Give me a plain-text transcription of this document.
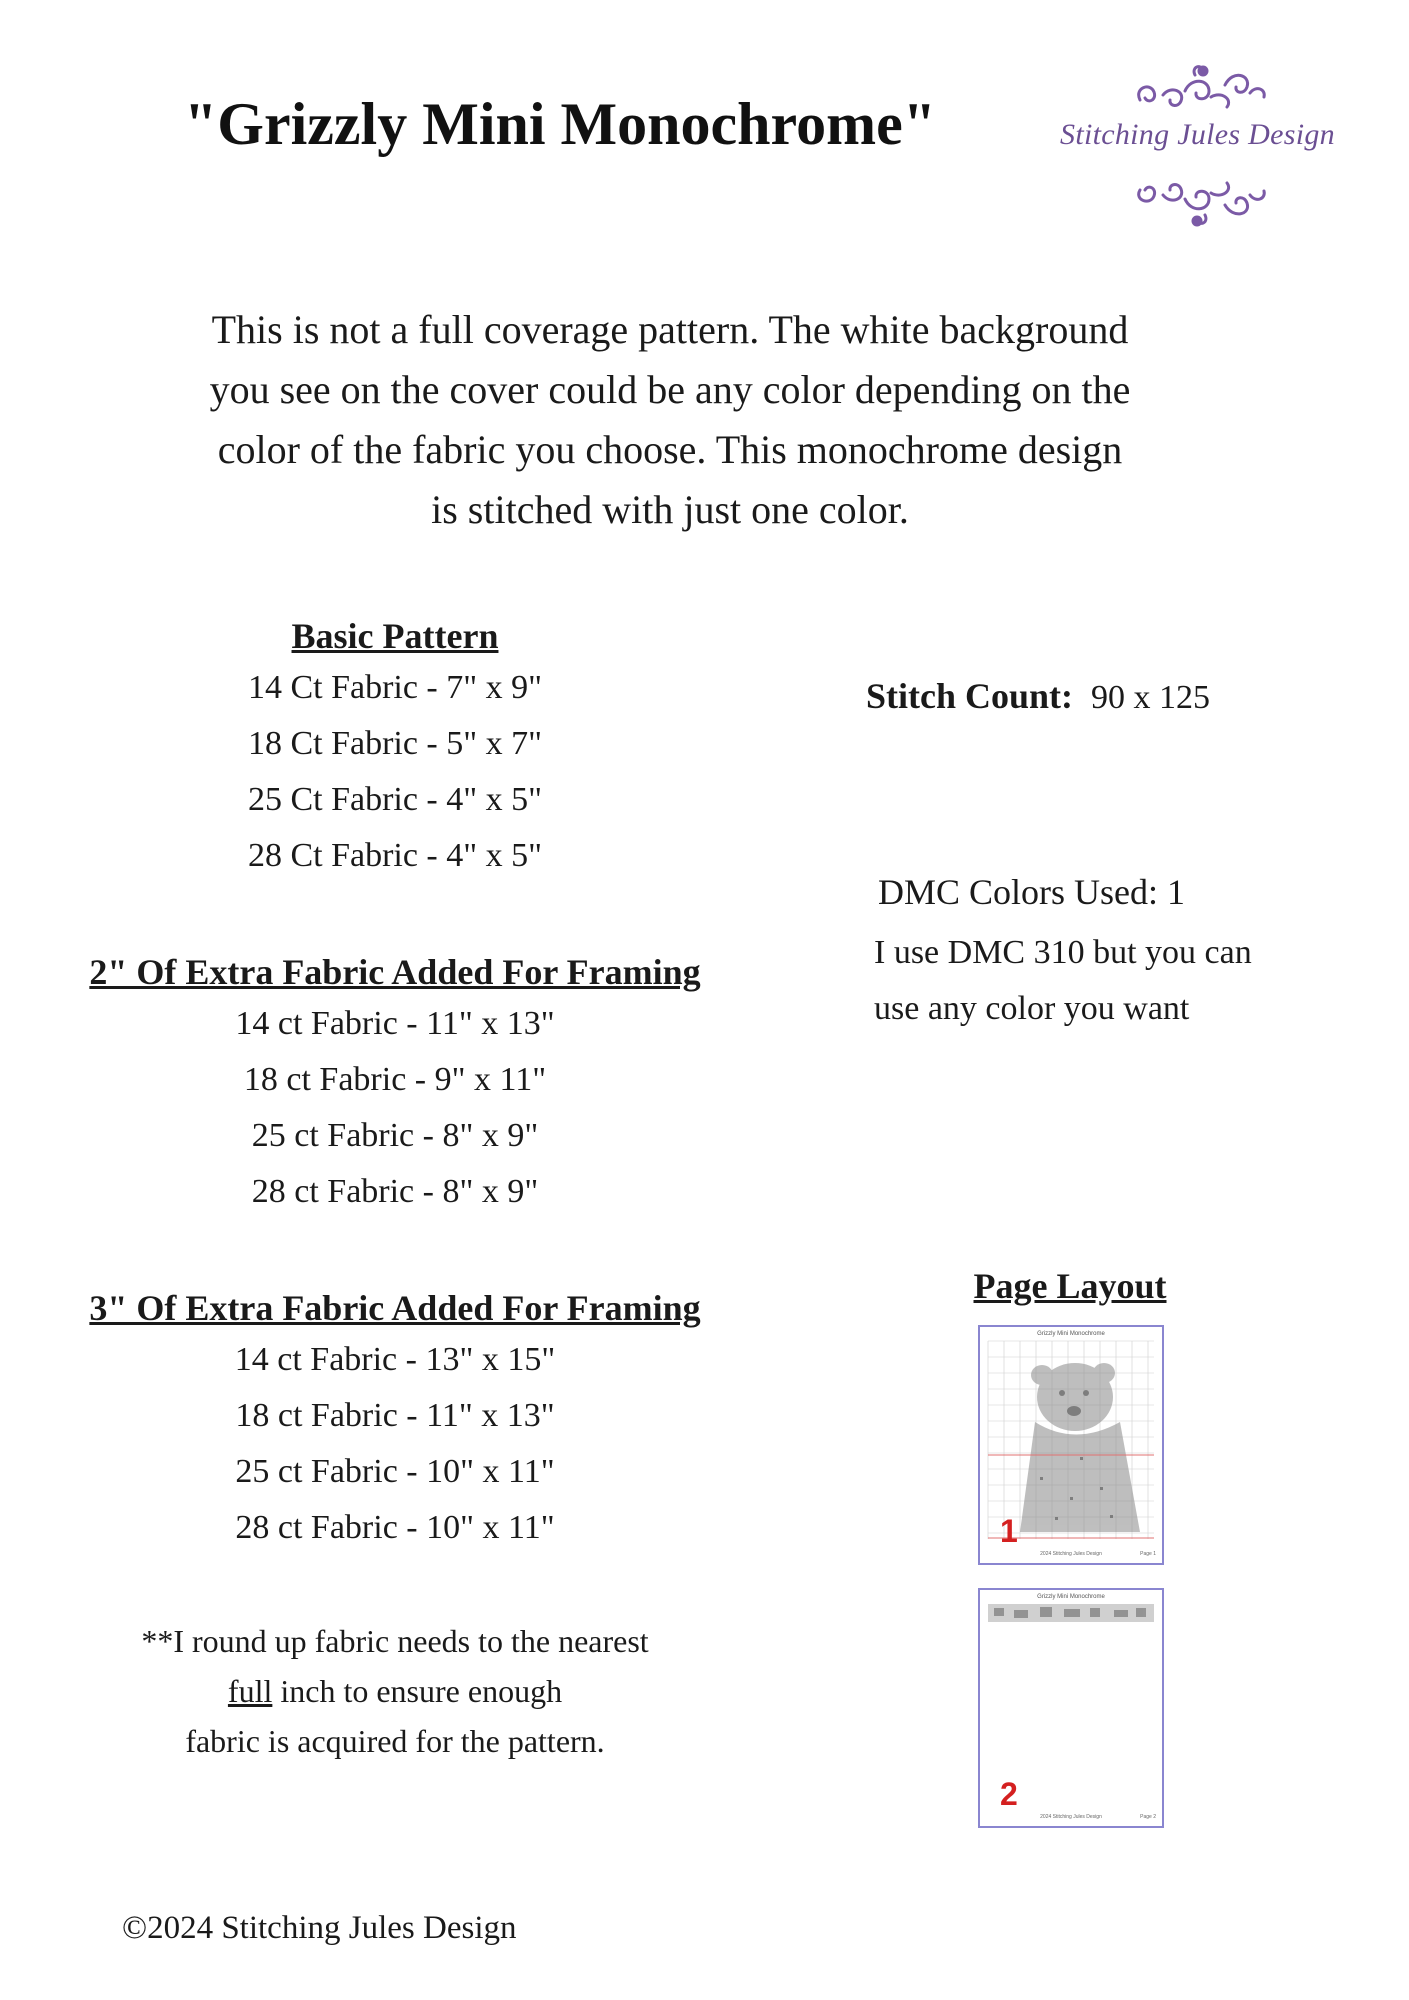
"Grizzly Mini Monochrome"	Stitching Jules Design
This is not a full coverage pattern. The white background
you see on the cover could be any color depending on the
color of the fabric you choose. This monochrome design
is stitched with just one color.
Basic Pattern
14 Ct Fabric - 7" x 9"
18 Ct Fabric - 5" x 7"
25 Ct Fabric - 4" x 5"
28 Ct Fabric - 4" x 5"
2" Of Extra Fabric Added For Framing
14 ct Fabric - 11" x 13"
18 ct Fabric - 9" x 11"
25 ct Fabric - 8" x 9"
28 ct Fabric - 8" x 9"
3" Of Extra Fabric Added For Framing
14 ct Fabric - 13" x 15"
18 ct Fabric - 11" x 13"
25 ct Fabric - 10" x 11"
28 ct Fabric - 10" x 11"
**I round up fabric needs to the nearest
full inch to ensure enough
fabric is acquired for the pattern.
Stitch Count: 90 x 125
DMC Colors Used: 1
I use DMC 310 but you can
use any color you want
Page Layout
Grizzly Mini Monochrome
1
2024 Stitching Jules Design	Page 1
Grizzly Mini Monochrome
2
2024 Stitching Jules Design	Page 2
©2024 Stitching Jules Design
